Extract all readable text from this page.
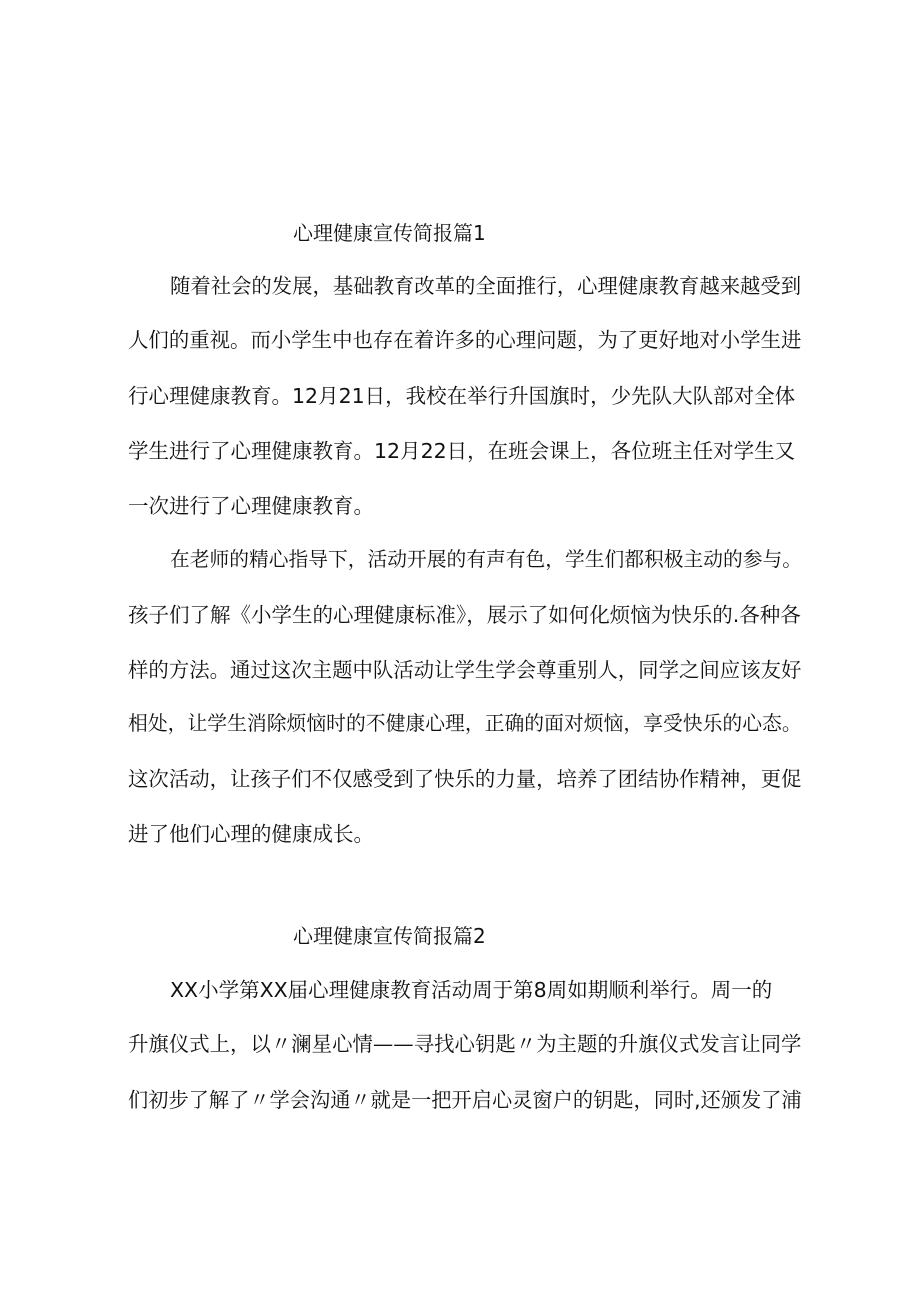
心理健康宣传简报篇1
随着社会的发展，基础教育改革的全面推行，心理健康教育越来越受到
人们的重视。而小学生中也存在着许多的心理问题，为了更好地对小学生进
行心理健康教育。12月21日，我校在举行升国旗时，少先队大队部对全体
学生进行了心理健康教育。12月22日，在班会课上，各位班主任对学生又
一次进行了心理健康教育。
在老师的精心指导下，活动开展的有声有色，学生们都积极主动的参与。
孩子们了解《小学生的心理健康标准》，展示了如何化烦恼为快乐的.各种各
样的方法。通过这次主题中队活动让学生学会尊重别人，同学之间应该友好
相处，让学生消除烦恼时的不健康心理，正确的面对烦恼，享受快乐的心态。
这次活动，让孩子们不仅感受到了快乐的力量，培养了团结协作精神，更促
进了他们心理的健康成长。
心理健康宣传简报篇2
XX小学第XX届心理健康教育活动周于第8周如期顺利举行。周一的
升旗仪式上，以〃澜星心情——寻找心钥匙〃为主题的升旗仪式发言让同学
们初步了解了〃学会沟通〃就是一把开启心灵窗户的钥匙，同时,还颁发了浦
